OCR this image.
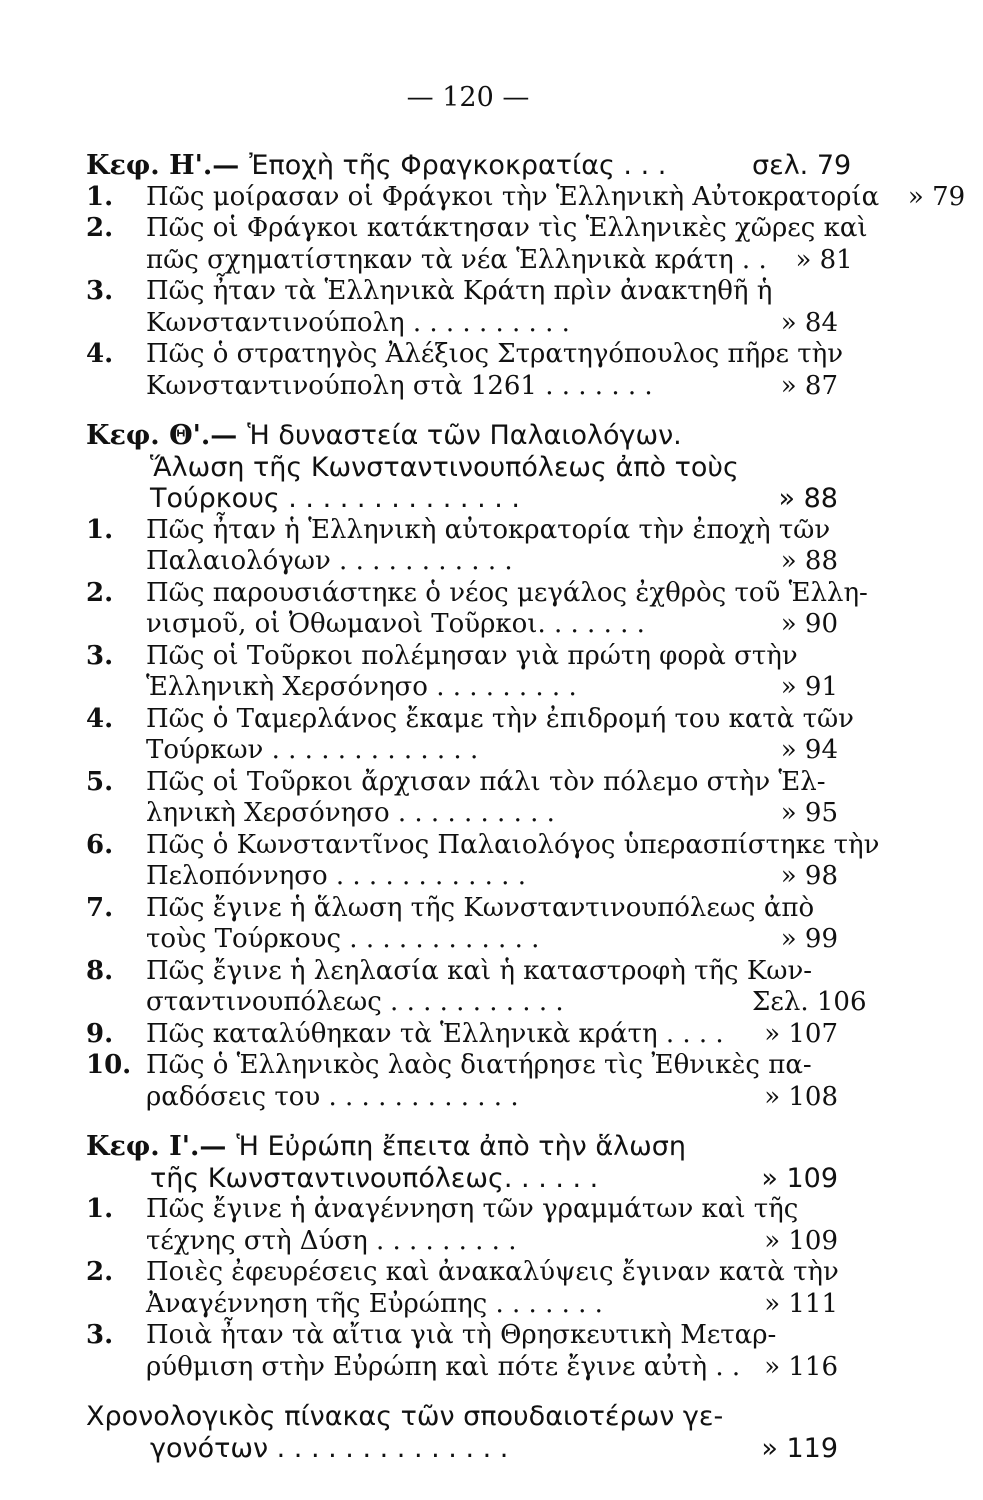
— 120 —
Κεφ. Η'.— Ἐποχὴ τῆς Φραγκοκρατίας . . .	σελ. 79
1.	Πῶς μοίρασαν οἱ Φράγκοι τὴν Ἑλληνικὴ Αὐτοκρατορία	» 79
2.	Πῶς οἱ Φράγκοι κατάκτησαν τὶς Ἑλληνικὲς χῶρες καὶ
πῶς σχηματίστηκαν τὰ νέα Ἑλληνικὰ κράτη . .	» 81
3.	Πῶς ἦταν τὰ Ἑλληνικὰ Κράτη πρὶν ἀνακτηθῆ ἡ
Κωνσταντινούπολη . . . . . . . . . .	» 84
4.	Πῶς ὁ στρατηγὸς Ἀλέξιος Στρατηγόπουλος πῆρε τὴν
Κωνσταντινούπολη στὰ 1261 . . . . . . .	» 87
Κεφ. Θ'.— Ἡ δυναστεία τῶν Παλαιολόγων.
Ἅλωση τῆς Κωνσταντινουπόλεως ἀπὸ τοὺς
Τούρκους . . . . . . . . . . . . . .	» 88
1.	Πῶς ἦταν ἡ Ἑλληνικὴ αὐτοκρατορία τὴν ἐποχὴ τῶν
Παλαιολόγων . . . . . . . . . . .	» 88
2.	Πῶς παρουσιάστηκε ὁ νέος μεγάλος ἐχθρὸς τοῦ Ἑλλη-
νισμοῦ, οἱ Ὀθωμανοὶ Τοῦρκοι. . . . . . .	» 90
3.	Πῶς οἱ Τοῦρκοι πολέμησαν γιὰ πρώτη φορὰ στὴν
Ἑλληνικὴ Χερσόνησο . . . . . . . . .	» 91
4.	Πῶς ὁ Ταμερλάνος ἔκαμε τὴν ἐπιδρομή του κατὰ τῶν
Τούρκων . . . . . . . . . . . . .	» 94
5.	Πῶς οἱ Τοῦρκοι ἄρχισαν πάλι τὸν πόλεμο στὴν Ἑλ-
ληνικὴ Χερσόνησο . . . . . . . . . .	» 95
6.	Πῶς ὁ Κωνσταντῖνος Παλαιολόγος ὑπερασπίστηκε τὴν
Πελοπόννησο . . . . . . . . . . . .	» 98
7.	Πῶς ἔγινε ἡ ἅλωση τῆς Κωνσταντινουπόλεως ἀπὸ
τοὺς Τούρκους . . . . . . . . . . . .	» 99
8.	Πῶς ἔγινε ἡ λεηλασία καὶ ἡ καταστροφὴ τῆς Κων-
σταντινουπόλεως . . . . . . . . . . .	Σελ. 106
9.	Πῶς καταλύθηκαν τὰ Ἑλληνικὰ κράτη . . . .	» 107
10. Πῶς ὁ Ἑλληνικὸς λαὸς διατήρησε τὶς Ἐθνικὲς πα-
ραδόσεις του . . . . . . . . . . . .	» 108
Κεφ. Ι'.— Ἡ Εὐρώπη ἔπειτα ἀπὸ τὴν ἅλωση
τῆς Κωνσταντινουπόλεως. . . . . .	» 109
1.	Πῶς ἔγινε ἡ ἀναγέννηση τῶν γραμμάτων καὶ τῆς
τέχνης στὴ Δύση . . . . . . . . .	» 109
2.	Ποιὲς ἐφευρέσεις καὶ ἀνακαλύψεις ἔγιναν κατὰ τὴν
Ἀναγέννηση τῆς Εὐρώπης . . . . . . .	» 111
3.	Ποιὰ ἦταν τὰ αἴτια γιὰ τὴ Θρησκευτικὴ Μεταρ-
ρύθμιση στὴν Εὐρώπη καὶ πότε ἔγινε αὐτὴ . . » 116
Χρονολογικὸς πίνακας τῶν σπουδαιοτέρων γε-
γονότων . . . . . . . . . . . . . .	» 119
